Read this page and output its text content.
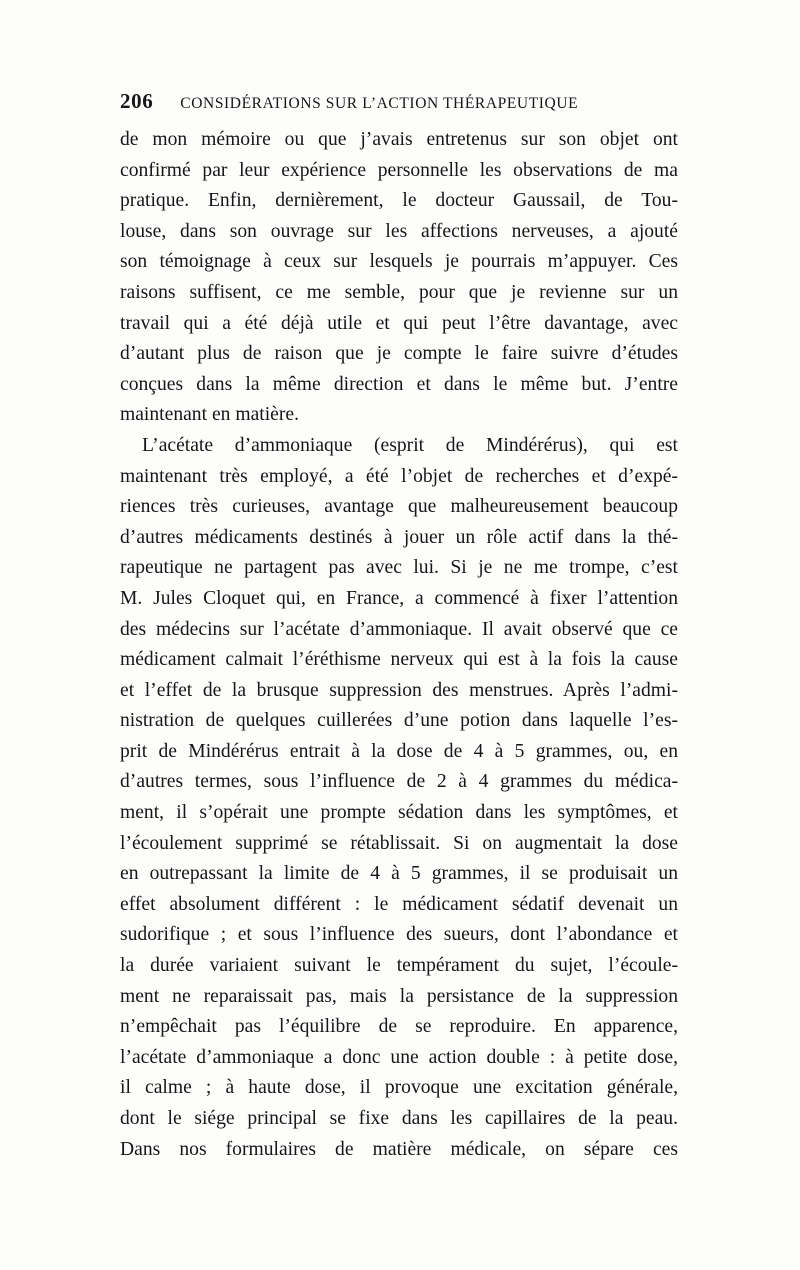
206 CONSIDÉRATIONS SUR L’ACTION THÉRAPEUTIQUE
de mon mémoire ou que j’avais entretenus sur son objet ont
confirmé par leur expérience personnelle les observations de ma
pratique. Enfin, dernièrement, le docteur Gaussail, de Tou-
louse, dans son ouvrage sur les affections nerveuses, a ajouté
son témoignage à ceux sur lesquels je pourrais m’appuyer. Ces
raisons suffisent, ce me semble, pour que je revienne sur un
travail qui a été déjà utile et qui peut l’être davantage, avec
d’autant plus de raison que je compte le faire suivre d’études
conçues dans la même direction et dans le même but. J’entre
maintenant en matière.
L’acétate d’ammoniaque (esprit de Mindérérus), qui est
maintenant très employé, a été l’objet de recherches et d’expé-
riences très curieuses, avantage que malheureusement beaucoup
d’autres médicaments destinés à jouer un rôle actif dans la thé-
rapeutique ne partagent pas avec lui. Si je ne me trompe, c’est
M. Jules Cloquet qui, en France, a commencé à fixer l’attention
des médecins sur l’acétate d’ammoniaque. Il avait observé que ce
médicament calmait l’éréthisme nerveux qui est à la fois la cause
et l’effet de la brusque suppression des menstrues. Après l’admi-
nistration de quelques cuillerées d’une potion dans laquelle l’es-
prit de Mindérérus entrait à la dose de 4 à 5 grammes, ou, en
d’autres termes, sous l’influence de 2 à 4 grammes du médica-
ment, il s’opérait une prompte sédation dans les symptômes, et
l’écoulement supprimé se rétablissait. Si on augmentait la dose
en outrepassant la limite de 4 à 5 grammes, il se produisait un
effet absolument différent : le médicament sédatif devenait un
sudorifique ; et sous l’influence des sueurs, dont l’abondance et
la durée variaient suivant le tempérament du sujet, l’écoule-
ment ne reparaissait pas, mais la persistance de la suppression
n’empêchait pas l’équilibre de se reproduire. En apparence,
l’acétate d’ammoniaque a donc une action double : à petite dose,
il calme ; à haute dose, il provoque une excitation générale,
dont le siége principal se fixe dans les capillaires de la peau.
Dans nos formulaires de matière médicale, on sépare ces
